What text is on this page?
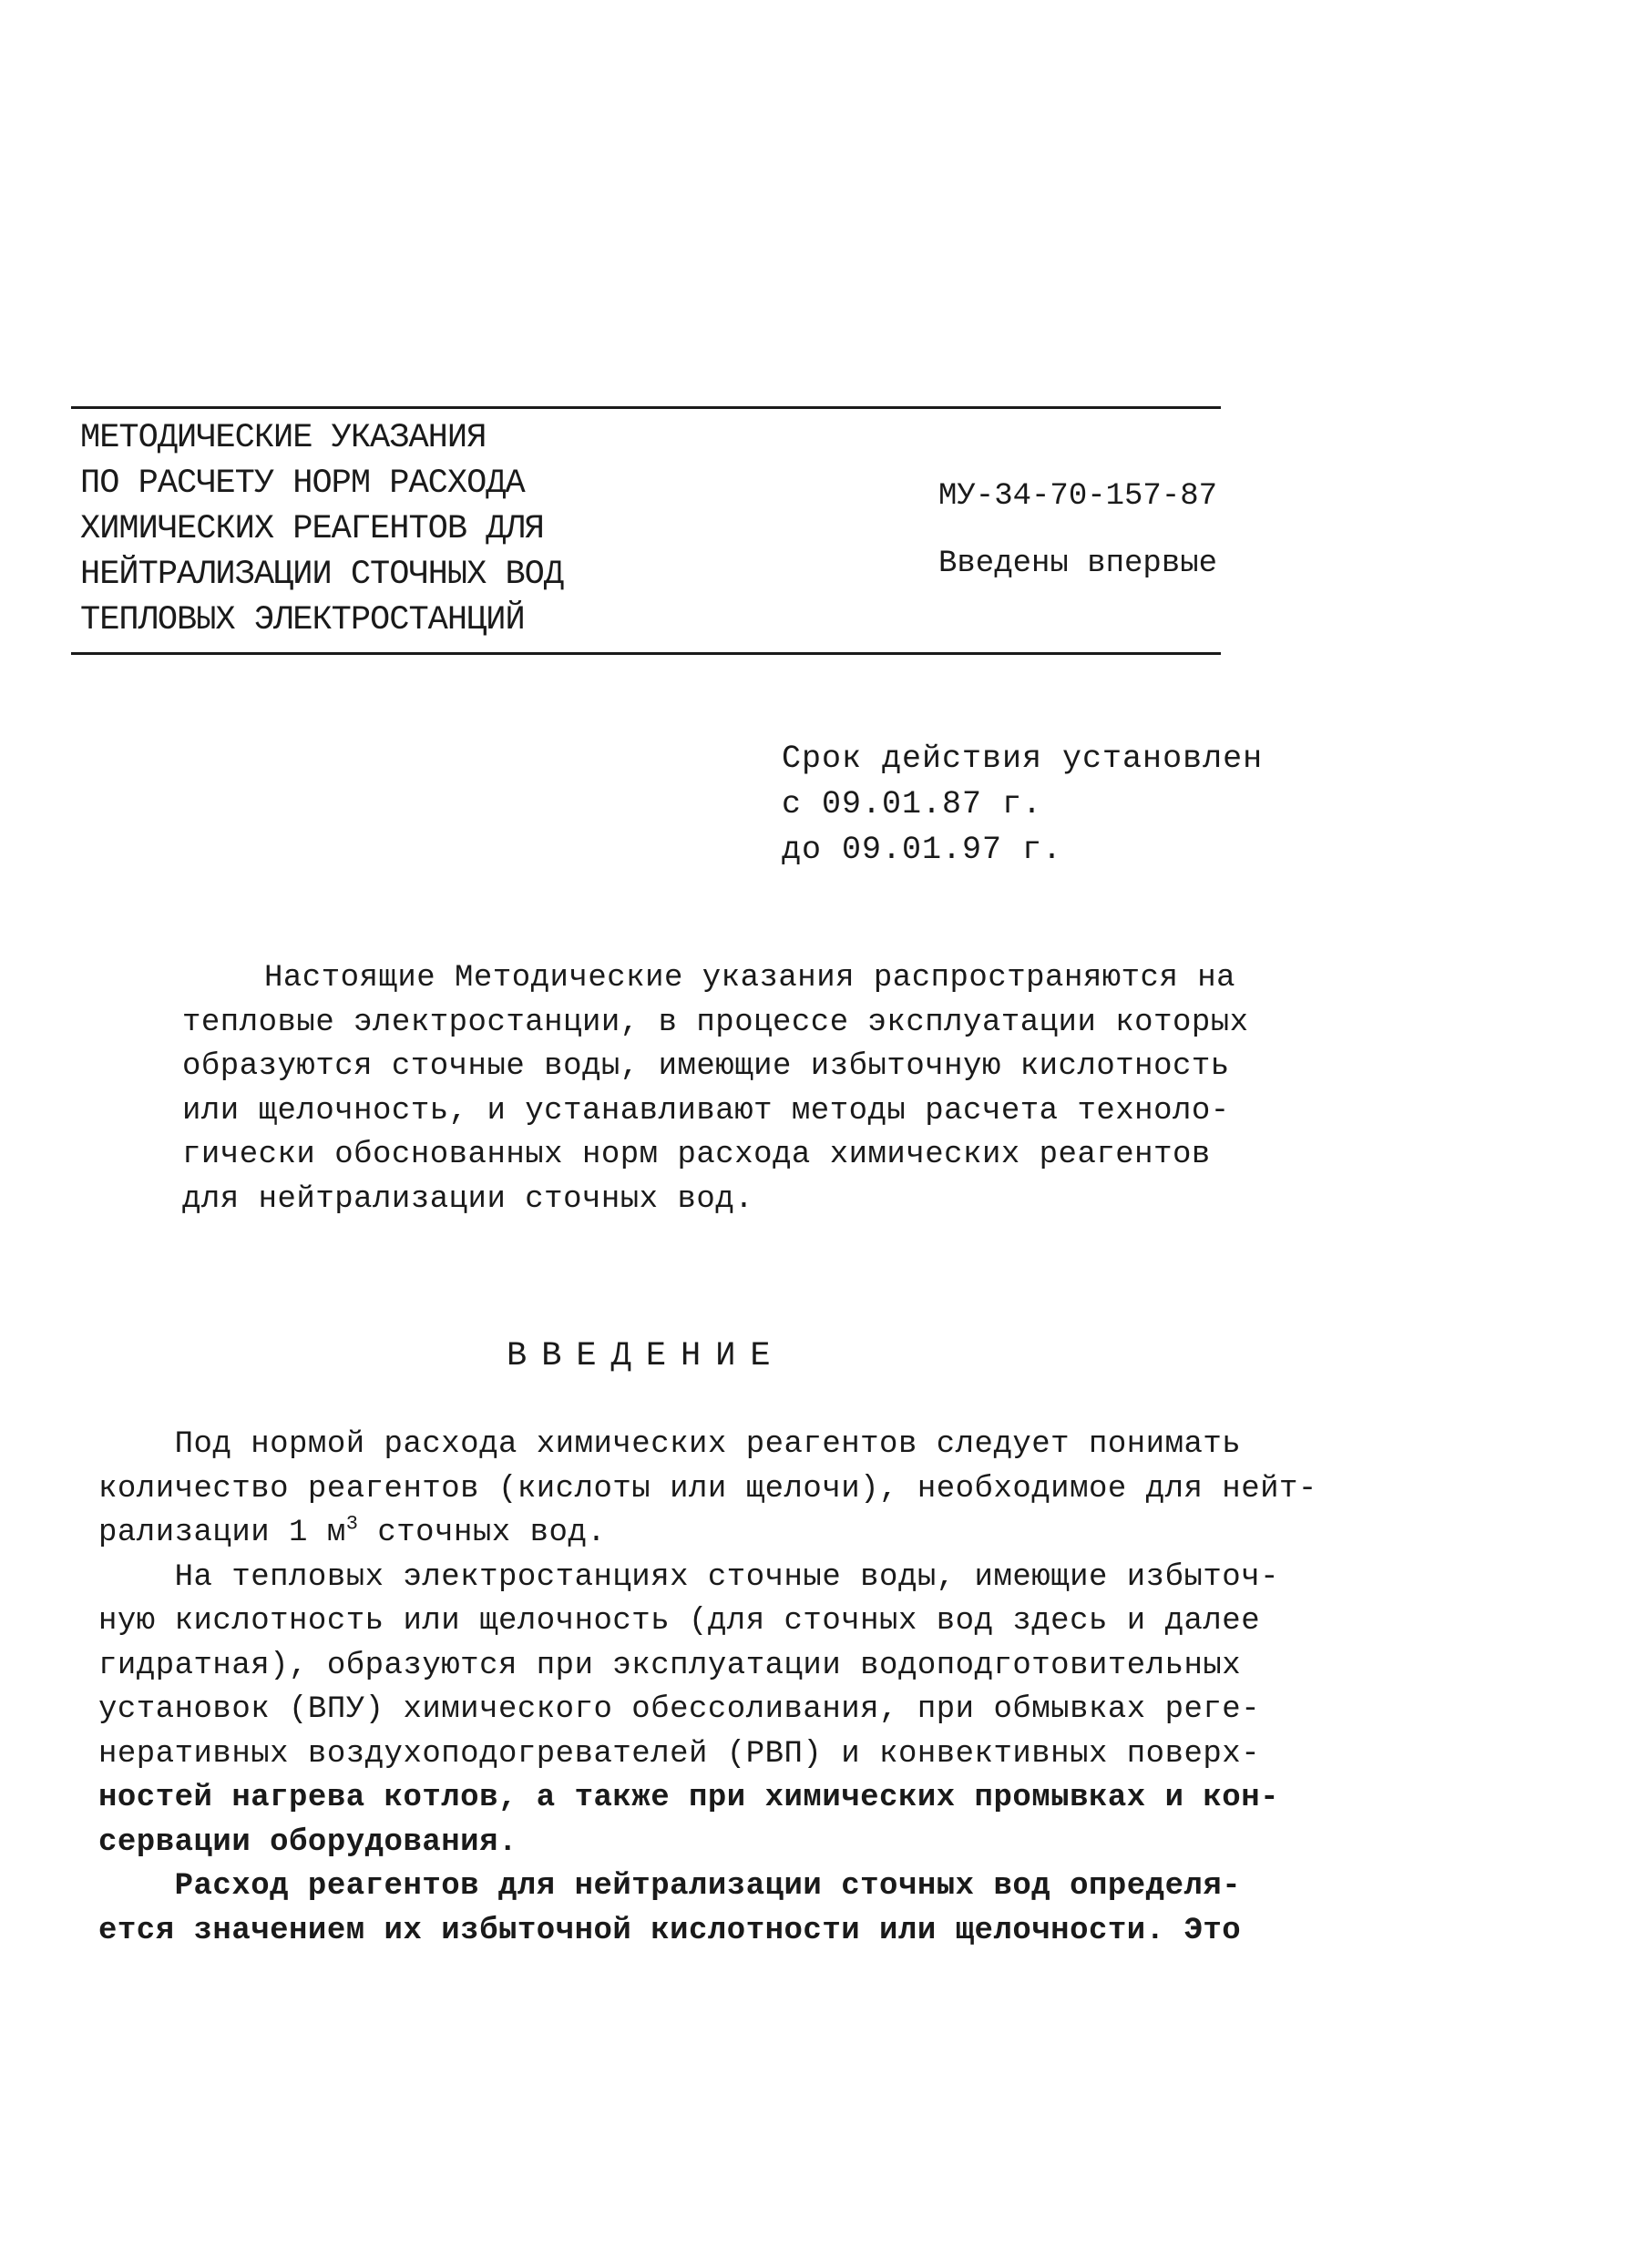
МЕТОДИЧЕСКИЕ УКАЗАНИЯ
ПО РАСЧЕТУ НОРМ РАСХОДА
ХИМИЧЕСКИХ РЕАГЕНТОВ ДЛЯ
НЕЙТРАЛИЗАЦИИ СТОЧНЫХ ВОД
ТЕПЛОВЫХ ЭЛЕКТРОСТАНЦИЙ
МУ-34-70-157-87
Введены впервые
Срок действия установлен
с 09.01.87 г.
до 09.01.97 г.
Настоящие Методические указания распространяются на
тепловые электростанции, в процессе эксплуатации которых
образуются сточные воды, имеющие избыточную кислотность
или щелочность, и устанавливают методы расчета техноло-
гически обоснованных норм расхода химических реагентов
для нейтрализации сточных вод.
ВВЕДЕНИЕ
Под нормой расхода химических реагентов следует понимать
количество реагентов (кислоты или щелочи), необходимое для нейт-
рализации 1 $м^3$ сточных вод.
На тепловых электростанциях сточные воды, имеющие избыточ-
ную кислотность или щелочность (для сточных вод здесь и далее
гидратная), образуются при эксплуатации водоподготовительных
установок (ВПУ) химического обессоливания, при обмывках реге-
неративных воздухоподогревателей (РВП) и конвективных поверх-
ностей нагрева котлов, а также при химических промывках и кон-
сервации оборудования.
Расход реагентов для нейтрализации сточных вод определя-
ется значением их избыточной кислотности или щелочности. Это
